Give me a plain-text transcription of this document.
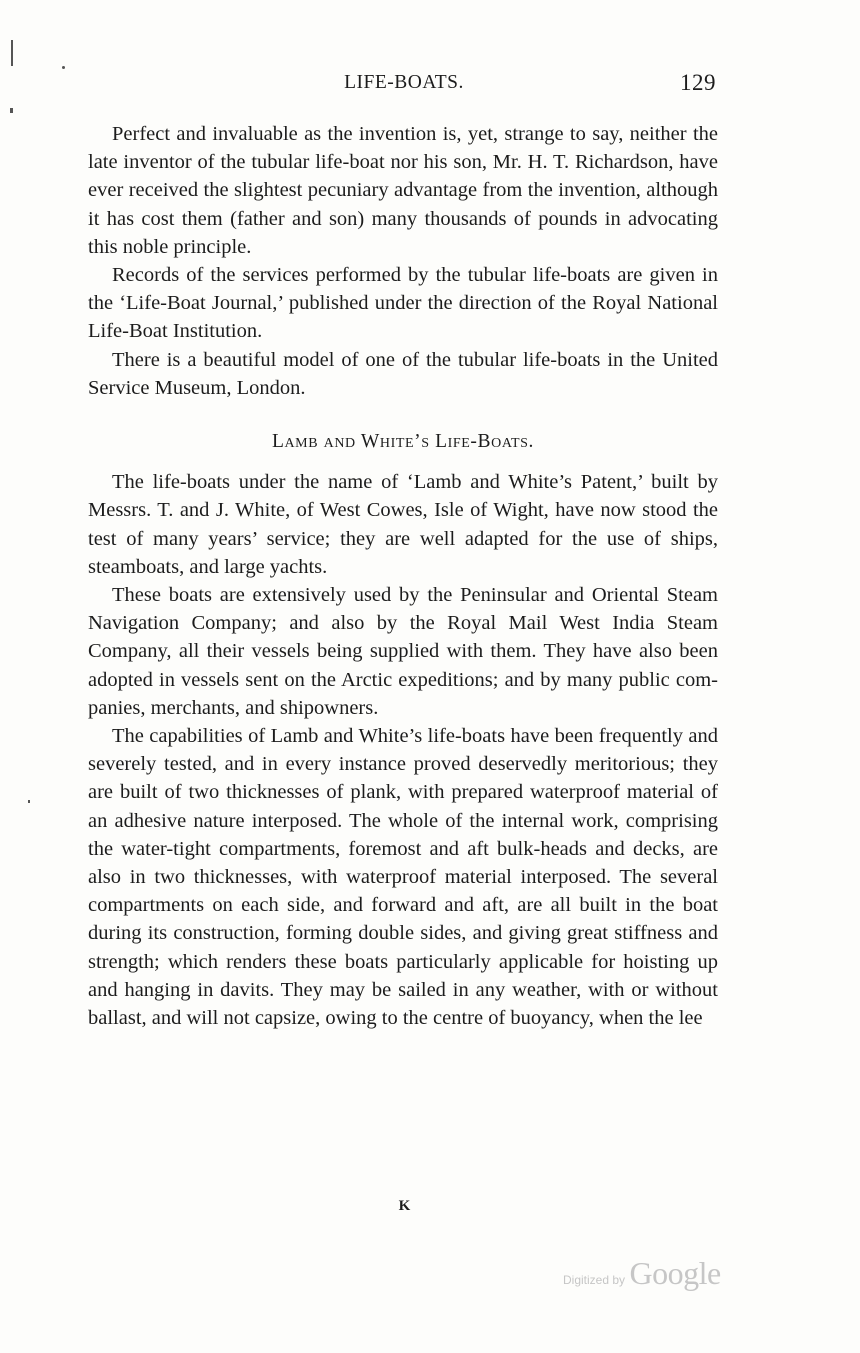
LIFE-BOATS.	129

Perfect and invaluable as the invention is, yet, strange to say, neither the late inventor of the tubular life-boat nor his son, Mr. H. T. Richardson, have ever received the slightest pecuniary advantage from the invention, although it has cost them (father and son) many thousands of pounds in advocating this noble principle.

Records of the services performed by the tubular life-boats are given in the ‘Life-Boat Journal,’ published under the direction of the Royal National Life-Boat Institution.

There is a beautiful model of one of the tubular life-boats in the United Service Museum, London.

Lamb and White’s Life-Boats.

The life-boats under the name of ‘Lamb and White’s Patent,’ built by Messrs. T. and J. White, of West Cowes, Isle of Wight, have now stood the test of many years’ service; they are well adapted for the use of ships, steamboats, and large yachts.

These boats are extensively used by the Peninsular and Oriental Steam Navigation Company; and also by the Royal Mail West India Steam Company, all their vessels being supplied with them. They have also been adopted in vessels sent on the Arctic expeditions; and by many public companies, merchants, and shipowners.

The capabilities of Lamb and White’s life-boats have been frequently and severely tested, and in every instance proved deservedly meritorious; they are built of two thicknesses of plank, with prepared waterproof material of an adhesive nature interposed. The whole of the internal work, comprising the water-tight compartments, foremost and aft bulk-heads and decks, are also in two thicknesses, with waterproof material interposed. The several compartments on each side, and forward and aft, are all built in the boat during its construction, forming double sides, and giving great stiffness and strength; which renders these boats particularly applicable for hoisting up and hanging in davits. They may be sailed in any weather, with or without ballast, and will not capsize, owing to the centre of buoyancy, when the lee

K
Digitized by Google
